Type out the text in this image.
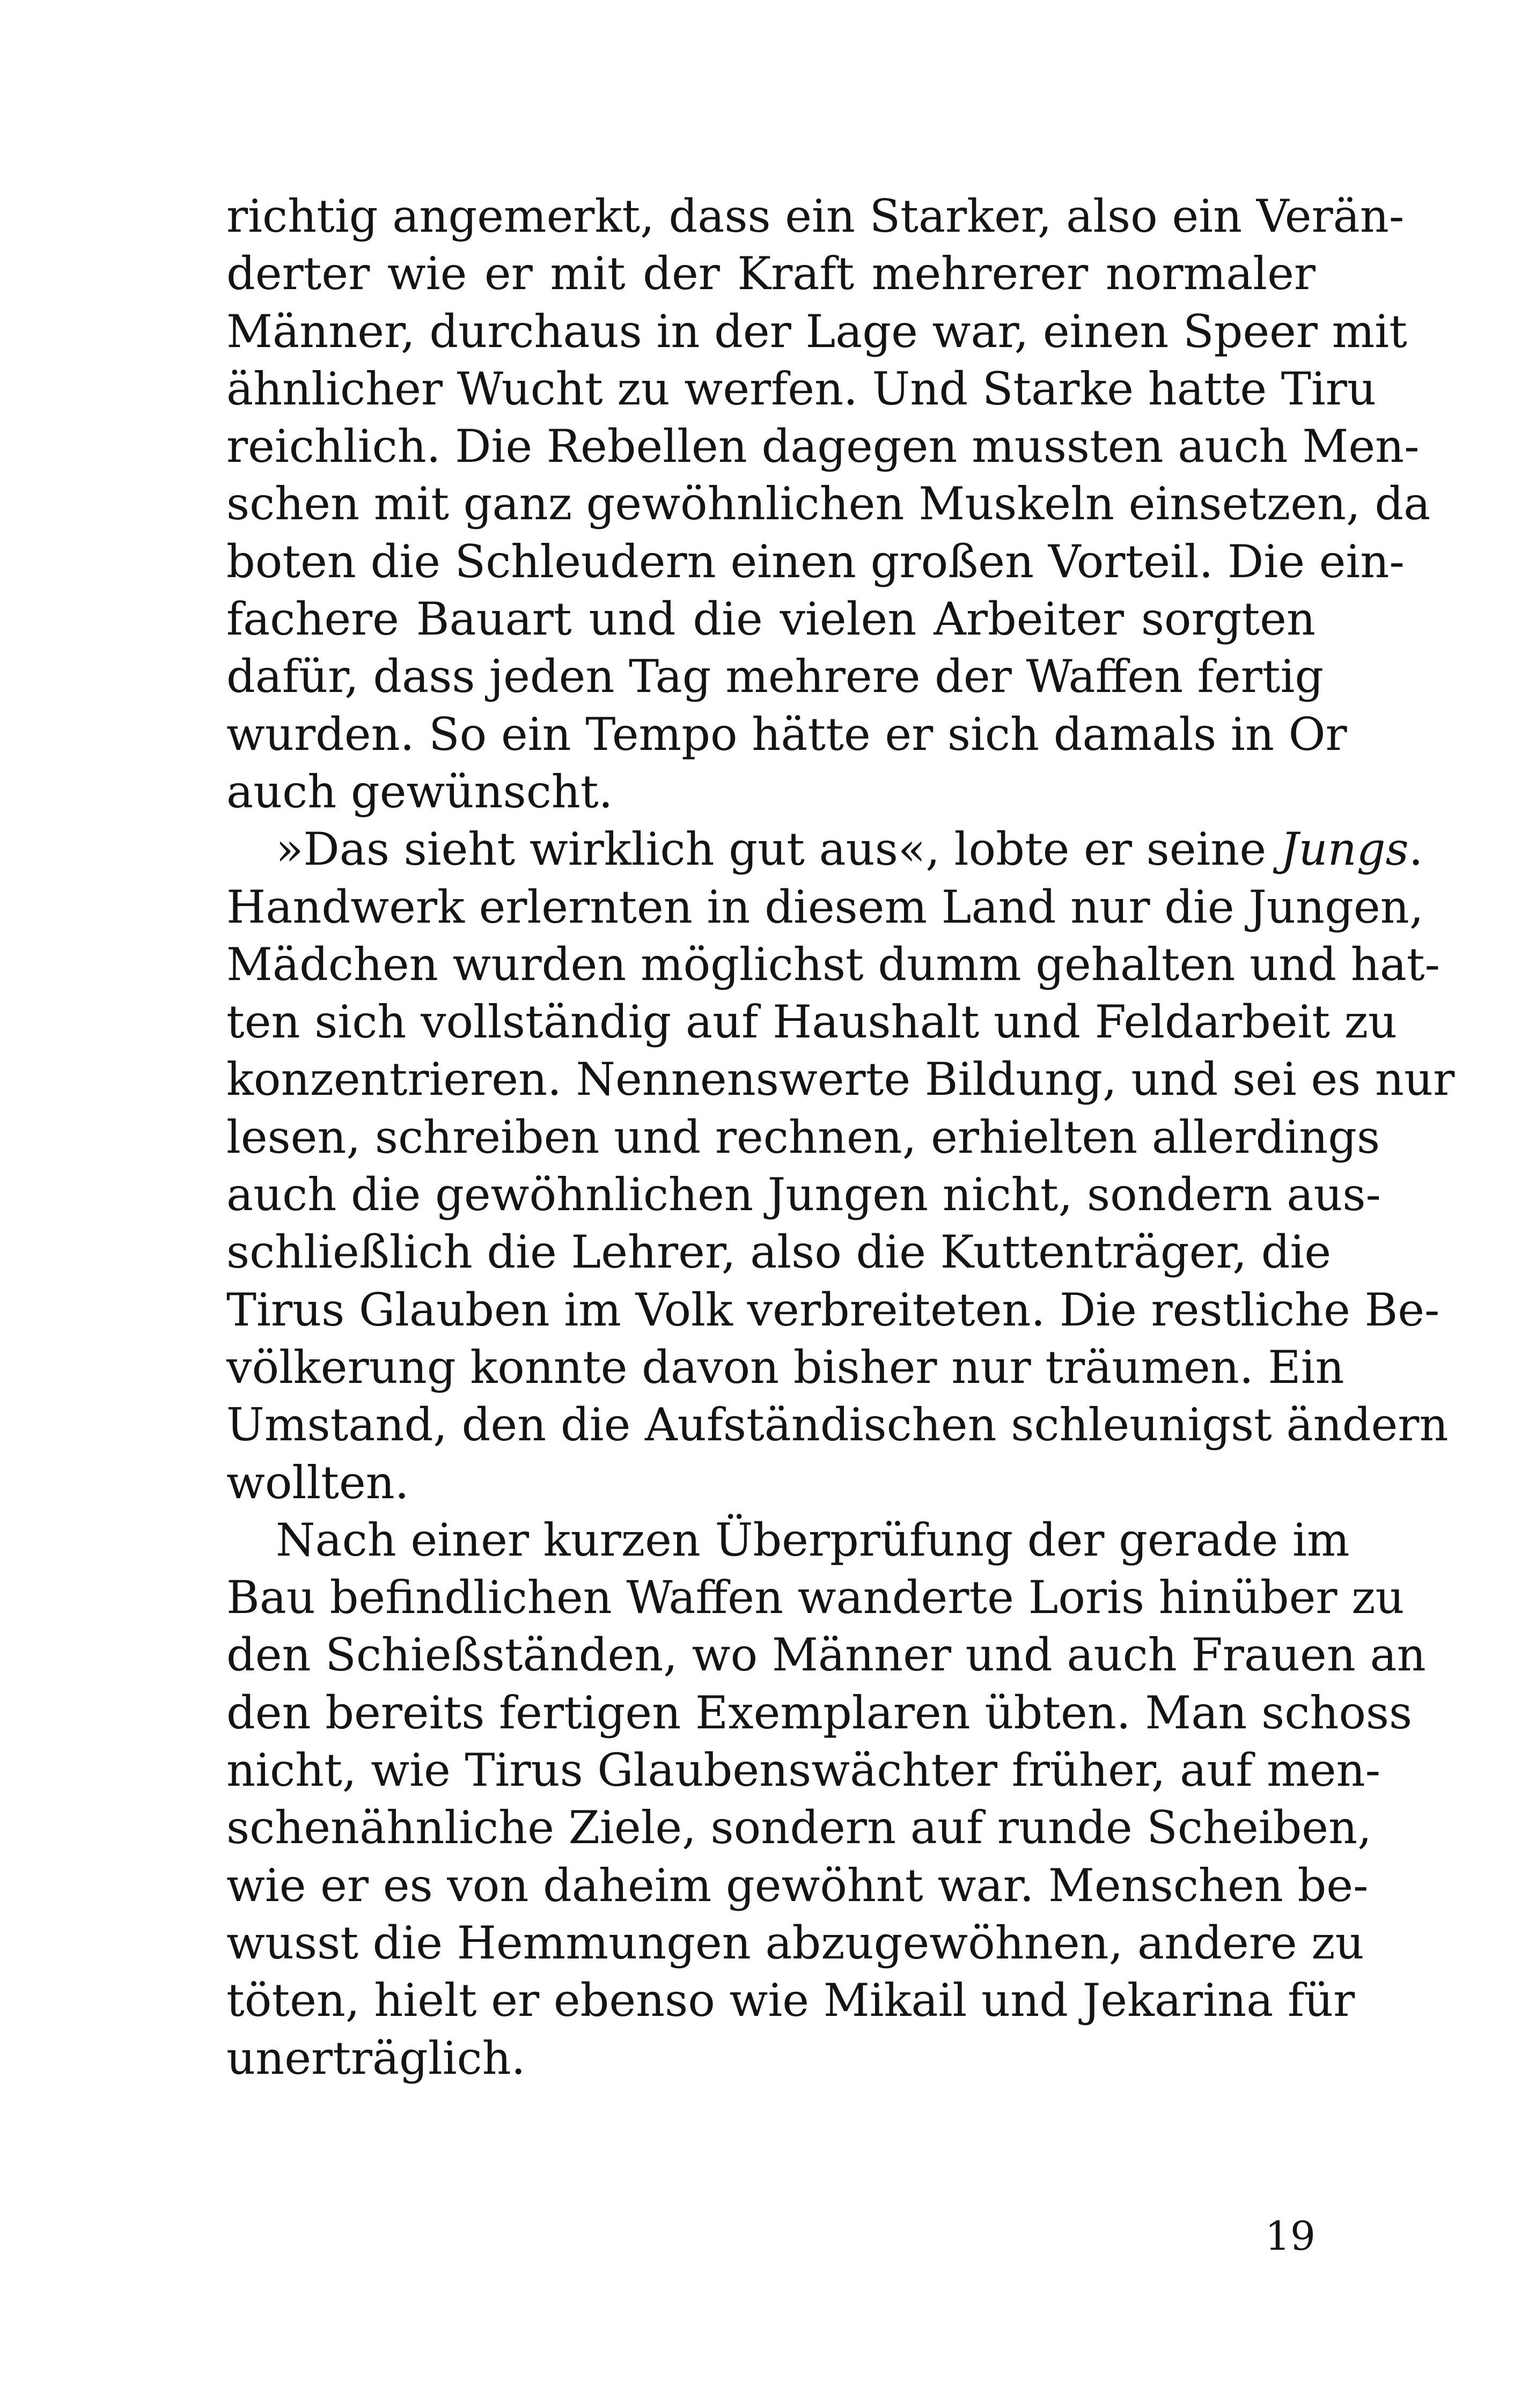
richtig angemerkt, dass ein Starker, also ein Verän-
derter wie er mit der Kraft mehrerer normaler
Männer, durchaus in der Lage war, einen Speer mit
ähnlicher Wucht zu werfen. Und Starke hatte Tiru
reichlich. Die Rebellen dagegen mussten auch Men-
schen mit ganz gewöhnlichen Muskeln einsetzen, da
boten die Schleudern einen großen Vorteil. Die ein-
fachere Bauart und die vielen Arbeiter sorgten
dafür, dass jeden Tag mehrere der Waffen fertig
wurden. So ein Tempo hätte er sich damals in Or
auch gewünscht.
»Das sieht wirklich gut aus«, lobte er seine Jungs.
Handwerk erlernten in diesem Land nur die Jungen,
Mädchen wurden möglichst dumm gehalten und hat-
ten sich vollständig auf Haushalt und Feldarbeit zu
konzentrieren. Nennenswerte Bildung, und sei es nur
lesen, schreiben und rechnen, erhielten allerdings
auch die gewöhnlichen Jungen nicht, sondern aus-
schließlich die Lehrer, also die Kuttenträger, die
Tirus Glauben im Volk verbreiteten. Die restliche Be-
völkerung konnte davon bisher nur träumen. Ein
Umstand, den die Aufständischen schleunigst ändern
wollten.
Nach einer kurzen Überprüfung der gerade im
Bau befindlichen Waffen wanderte Loris hinüber zu
den Schießständen, wo Männer und auch Frauen an
den bereits fertigen Exemplaren übten. Man schoss
nicht, wie Tirus Glaubenswächter früher, auf men-
schenähnliche Ziele, sondern auf runde Scheiben,
wie er es von daheim gewöhnt war. Menschen be-
wusst die Hemmungen abzugewöhnen, andere zu
töten, hielt er ebenso wie Mikail und Jekarina für
unerträglich.
19
